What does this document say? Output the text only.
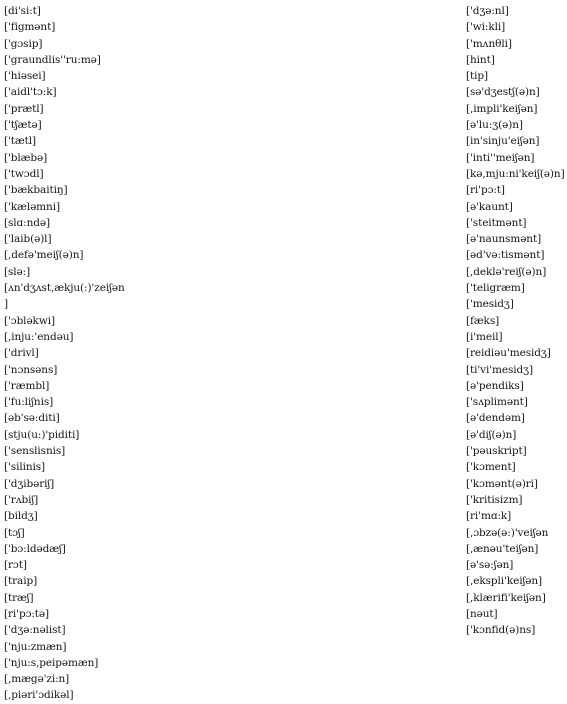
[di'si:t]
['figmənt]
['gɔsip]
['graundlis''ru:mə]
['hiəsei]
['aidl'tɔ:k]
['prætl]
['tʃætə]
['tætl]
['blæbə]
['twɔdl]
['bækbaitiŋ]
['kæləmni]
[slɑ:ndə]
['laib(ə)l]
[,defə'meiʃ(ə)n]
[slə:]
[ʌn'dʒʌst,ækju(:)'zeiʃən
]
['ɔbləkwi]
[,inju:'endəu]
['drivl]
['nɔnsəns]
['ræmbl]
['fu:liʃnis]
[əb'sə:diti]
[stju(u:)'piditi]
['senslisnis]
['silinis]
['dʒibəriʃ]
['rʌbiʃ]
[bildʒ]
[tɔʃ]
['bɔ:ldədæʃ]
[rɔt]
[traip]
[træʃ]
[ri'pɔ:tə]
['dʒə:nəlist]
['nju:zmæn]
['nju:s,peipəmæn]
[,mægə'zi:n]
[,piəri'ɔdikəl]
['dʒə:nl]
['wi:kli]
['mʌnθli]
[hint]
[tip]
[sə'dʒestʃ(ə)n]
[,impli'keiʃən]
[ə'lu:ʒ(ə)n]
[in'sinju'eiʃən]
['inti''meiʃən]
[kə,mju:ni'keiʃ(ə)n]
[ri'pɔ:t]
[ə'kaunt]
['steitmənt]
[ə'naunsmənt]
[əd'və:tismənt]
[,deklə'reiʃ(ə)n]
['teligræm]
['mesidʒ]
[fæks]
[i'meil]
[reidiəu'mesidʒ]
[ti'vi'mesidʒ]
[ə'pendiks]
['sʌplimənt]
[ə'dendəm]
[ə'diʃ(ə)n]
['pəuskript]
['kɔment]
['kɔmənt(ə)ri]
['kritisizm]
[ri'mɑ:k]
[,ɔbzə(ə:)'veiʃən
[,ænəu'teiʃən]
[ə'sə:ʃən]
[,ekspli'keiʃən]
[,klærifi'keiʃən]
[nəut]
['kɔnfid(ə)ns]
